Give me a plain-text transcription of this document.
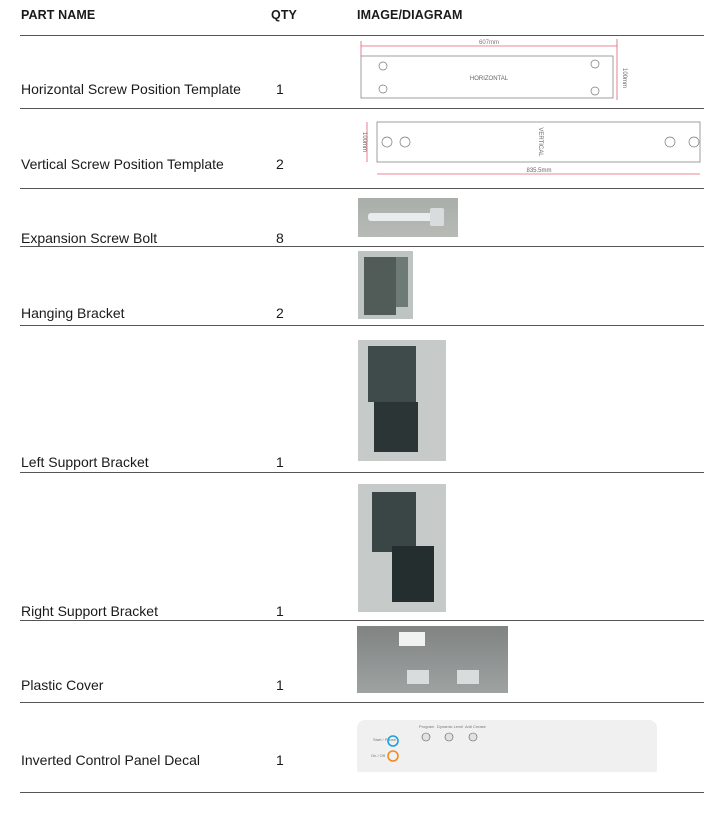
PART NAME	QTY	IMAGE/DIAGRAM
Horizontal Screw Position Template	1
607mm
HORIZONTAL	100mm
Vertical Screw Position Template	2
VERTICAL
835.5mm
100mm
Expansion Screw Bolt	8
Hanging Bracket	2
Left Support Bracket	1
Right Support Bracket	1
Plastic Cover	1
Inverted Control Panel Decal	1
Start / Pause
On / Off
Program Dynamic Level Anti Crease
